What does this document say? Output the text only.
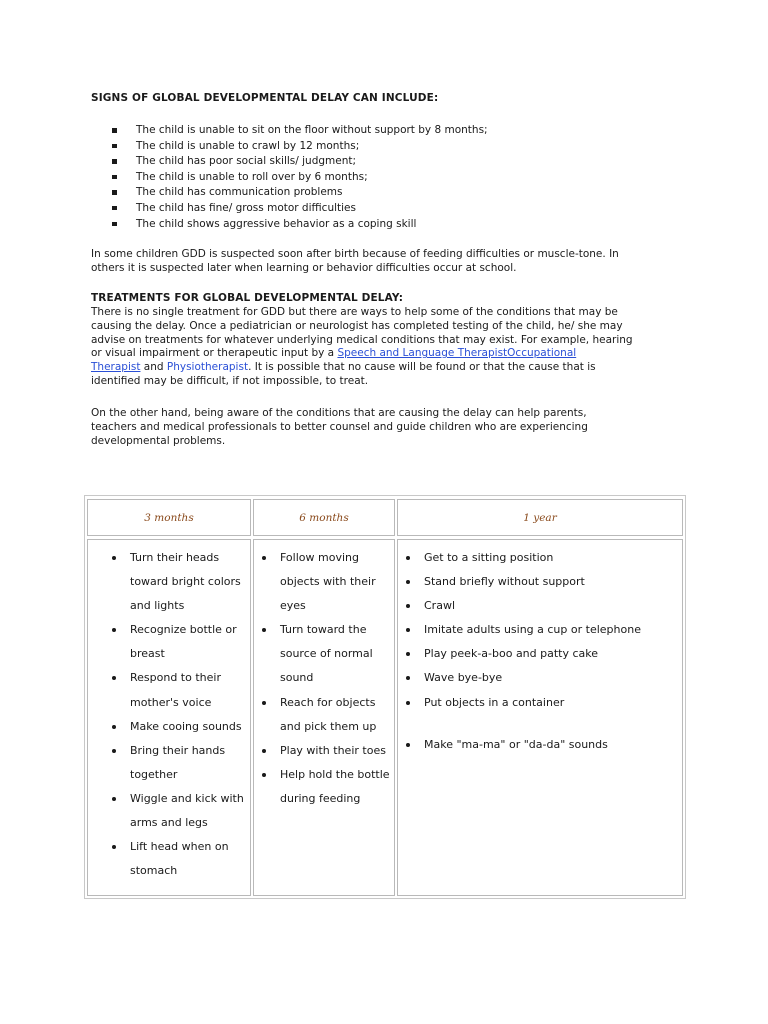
SIGNS OF GLOBAL DEVELOPMENTAL DELAY CAN INCLUDE:
The child is unable to sit on the floor without support by 8 months;
The child is unable to crawl by 12 months;
The child has poor social skills/ judgment;
The child is unable to roll over by 6 months;
The child has communication problems
The child has fine/ gross motor difficulties
The child shows aggressive behavior as a coping skill

In some children GDD is suspected soon after birth because of feeding difficulties or muscle-tone. In
others it is suspected later when learning or behavior difficulties occur at school.

TREATMENTS FOR GLOBAL DEVELOPMENTAL DELAY:

There is no single treatment for GDD but there are ways to help some of the conditions that may be
causing the delay. Once a pediatrician or neurologist has completed testing of the child, he/ she may
advise on treatments for whatever underlying medical conditions that may exist. For example, hearing
or visual impairment or therapeutic input by a Speech and Language TherapistOccupational
Therapist and Physiotherapist. It is possible that no cause will be found or that the cause that is
identified may be difficult, if not impossible, to treat.

On the other hand, being aware of the conditions that are causing the delay can help parents,
teachers and medical professionals to better counsel and guide children who are experiencing
developmental problems.

3 months	6 months	1 year
Turn their heads toward bright colors and lights
Recognize bottle or breast
Respond to their mother's voice
Make cooing sounds
Bring their hands together
Wiggle and kick with arms and legs
Lift head when on stomach
Follow moving objects with their eyes
Turn toward the source of normal sound
Reach for objects and pick them up
Play with their toes
Help hold the bottle during feeding
Get to a sitting position
Stand briefly without support
Crawl
Imitate adults using a cup or telephone
Play peek-a-boo and patty cake
Wave bye-bye
Put objects in a container
Make "ma-ma" or "da-da" sounds
